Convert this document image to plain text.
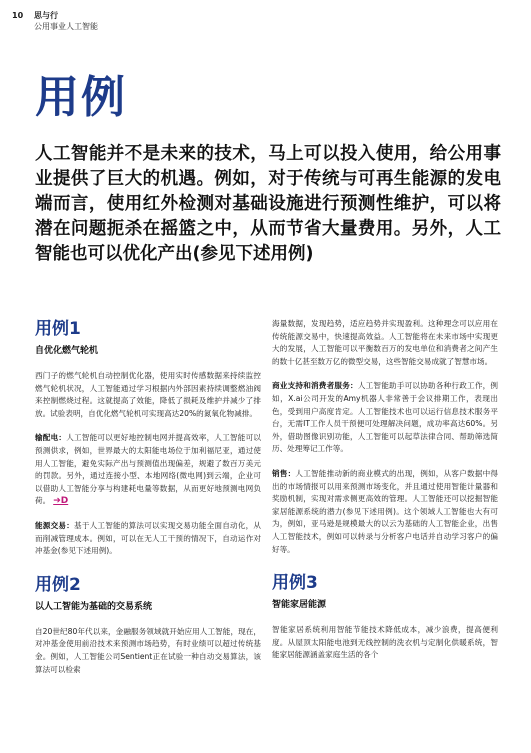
10 思与行
公用事业人工智能
用例

人工智能并不是未来的技术，马上可以投入使用，给公用事业提供了巨大的机遇。例如，对于传统与可再生能源的发电端而言，使用红外检测对基础设施进行预测性维护，可以将潜在问题扼杀在摇篮之中，从而节省大量费用。另外，人工智能也可以优化产出(参见下述用例)

用例1
自优化燃气轮机

西门子的燃气轮机自动控制优化器，使用实时传感数据来持续监控燃气轮机状况，人工智能通过学习根据内外部因素持续调整燃油阀来控制燃烧过程。这就提高了效能，降低了损耗及维护并减少了排放。试验表明，自优化燃气轮机可实现高达20%的氮氧化物减排。

输配电：人工智能可以更好地控制电网并提高效率，人工智能可以预测供求，例如，世界最大的太阳能电场位于加利福尼亚，通过使用人工智能，避免实际产出与预测值出现偏差，规避了数百万美元的罚款。另外，通过连接小型、本地网络(微电网)到云端，企业可以借助人工智能分享与构建耗电量等数据，从而更好地预测电网负荷。 ➔D

能源交易：基于人工智能的算法可以实现交易功能全面自动化，从而削减管理成本。例如，可以在无人工干预的情况下，自动运作对冲基金(参见下述用例)。

用例2
以人工智能为基础的交易系统

自20世纪80年代以来，金融服务领域就开始应用人工智能，现在，对冲基金使用前沿技术来预测市场趋势，有时业绩可以超过传统基金。例如，人工智能公司Sentient正在试验一种自动交易算法，该算法可以检索

海量数据，发现趋势，适应趋势并实现盈利。这种理念可以应用在传统能源交易中，快速提高效益。人工智能将在未来市场中实现更大的发展，人工智能可以平衡数百万的发电单位和消费者之间产生的数十亿甚至数万亿的微型交易，这些智能交易成就了智慧市场。

商业支持和消费者服务：人工智能助手可以协助各种行政工作，例如，X.ai公司开发的Amy机器人非常善于会议排期工作，表现出色，受到用户高度肯定。人工智能技术也可以运行信息技术服务平台，无需IT工作人员干预便可处理解决问题，成功率高达60%。另外，借助图像识别功能，人工智能可以起草法律合同、帮助筛选简历、处理筹记工作等。

销售：人工智能推动新的商业模式的出现，例如，从客户数据中得出的市场情报可以用来预测市场变化，并且通过使用智能计量器和奖励机制，实现对需求侧更高效的管理。人工智能还可以挖掘智能家居能源系统的潜力(参见下述用例)。这个领域人工智能也大有可为，例如，亚马逊是规模最大的以云为基础的人工智能企业，出售人工智能技术，例如可以转录与分析客户电话并自动学习客户的偏好等。

用例3
智能家居能源

智能家居系统利用智能节能技术降低成本，减少浪费，提高便利度。从屋顶太阳能电池到无线控制的洗衣机与定制化供暖系统，智能家居能源涵盖家庭生活的各个
